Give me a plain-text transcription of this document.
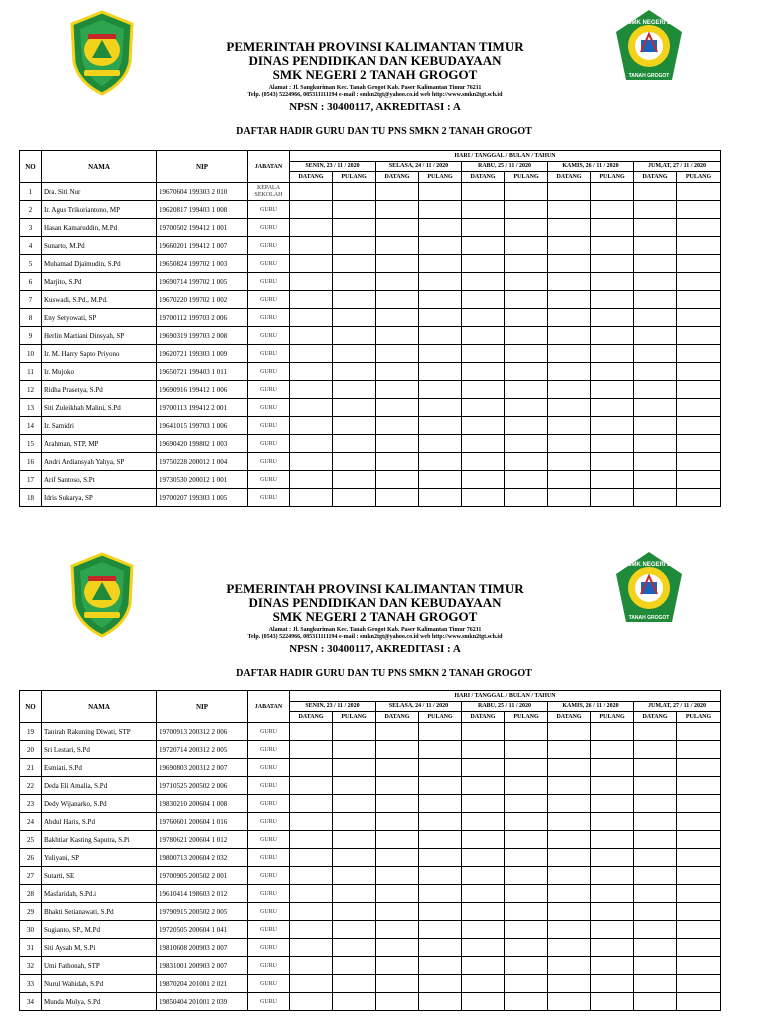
PEMERINTAH PROVINSI KALIMANTAN TIMUR
DINAS PENDIDIKAN DAN KEBUDAYAAN
SMK NEGERI 2 TANAH GROGOT
Alamat : Jl. Sangkuriman Kec. Tanah Grogot Kab. Paser Kalimantan Timur 76211
Telp. (0543) 5224966, 085311111194 e-mail : smkn2tgt@yahoo.co.id web http://www.smkn2tgt.sch.id
NPSN : 30400117, AKREDITASI : A
SMK NEGERI 2
TANAH GROGOT
DAFTAR HADIR GURU DAN TU PNS SMKN 2 TANAH GROGOT
NO	NAMA	NIP	JABATAN	HARI / TANGGAL / BULAN / TAHUN									
				SENIN, 23 / 11 / 2020		SELASA, 24 / 11 / 2020		RABU, 25 / 11 / 2020		KAMIS, 26 / 11 / 2020		JUM,AT, 27 / 11 / 2020	
				DATANG	PULANG	DATANG	PULANG	DATANG	PULANG	DATANG	PULANG	DATANG	PULANG
1	Dra. Siti Nur	19670604 199303 2 010	KEPALA SEKOLAH										
2	Ir. Agus Trikoriantono, MP	19620817 199403 1 008	GURU										
3	Hasan Kamaruddin, M.Pd	19700502 199412 1 001	GURU										
4	Sunarto, M.Pd	19660201 199412 1 007	GURU										
5	Muhamad Djaimudin, S.Pd	19650824 199702 1 003	GURU										
6	Marjito, S.Pd	19690714 199702 1 005	GURU										
7	Kuswadi, S.Pd., M.Pd.	19670220 199702 1 002	GURU										
8	Eny Setyowati, SP	19700112 199703 2 006	GURU										
9	Herlin Martiani Dinsyah, SP	19690319 199703 2 008	GURU										
10	Ir. M. Harry Sapto Priyono	19620721 199303 1 009	GURU										
11	Ir. Mujoko	19650721 199403 1 011	GURU										
12	Ridha Prasetya, S.Pd	19690916 199412 1 006	GURU										
13	Siti Zuleikhah Malini, S.Pd	19700113 199412 2 001	GURU										
14	Ir. Samidri	19641015 199703 1 006	GURU										
15	Arahman, STP, MP	19690420 199802 1 003	GURU										
16	Andri Ardiansyah Yahya, SP	19750228 200012 1 004	GURU										
17	Arif Santoso, S.Pt	19730530 200012 1 001	GURU										
18	Idris Sukarya, SP	19700207 199303 1 005	GURU										
PEMERINTAH PROVINSI KALIMANTAN TIMUR
DINAS PENDIDIKAN DAN KEBUDAYAAN
SMK NEGERI 2 TANAH GROGOT
Alamat : Jl. Sangkuriman Kec. Tanah Grogot Kab. Paser Kalimantan Timur 76211
Telp. (0543) 5224966, 085311111194 e-mail : smkn2tgt@yahoo.co.id web http://www.smkn2tgt.sch.id
NPSN : 30400117, AKREDITASI : A
SMK NEGERI 2
TANAH GROGOT
DAFTAR HADIR GURU DAN TU PNS SMKN 2 TANAH GROGOT
NO	NAMA	NIP	JABATAN	HARI / TANGGAL / BULAN / TAHUN									
				SENIN, 23 / 11 / 2020		SELASA, 24 / 11 / 2020		RABU, 25 / 11 / 2020		KAMIS, 26 / 11 / 2020		JUM,AT, 27 / 11 / 2020	
				DATANG	PULANG	DATANG	PULANG	DATANG	PULANG	DATANG	PULANG	DATANG	PULANG
19	Tanirah Rakuning Diwati, STP	19700913 200312 2 006	GURU										
20	Sri Lestari, S.Pd	19720714 200312 2 005	GURU										
21	Esmiati, S.Pd	19690803 200312 2 007	GURU										
22	Deda Eli Amalia, S.Pd	19710525 200502 2 006	GURU										
23	Dedy Wijanarko, S.Pd	19830210 200604 1 008	GURU										
24	Abdul Haris, S.Pd	19760601 200604 1 016	GURU										
25	Bakhtiar Kasting Saputra, S.Pi	19780621 200604 1 012	GURU										
26	Yuliyani, SP	19800713 200604 2 032	GURU										
27	Sutarti, SE	19700905 200502 2 001	GURU										
28	Masfaridah, S.Pd.i	19610414 198603 2 012	GURU										
29	Bhakti Setianawati, S.Pd	19790915 200502 2 005	GURU										
30	Sugianto, SP., M.Pd	19720505 200604 1 041	GURU										
31	Siti Aysah M, S.Pi	19810608 200903 2 007	GURU										
32	Umi Fathonah, STP	19831001 200903 2 007	GURU										
33	Nurul Wahidah, S.Pd	19870204 201001 2 021	GURU										
34	Munda Mulya, S.Pd	19850404 201001 2 039	GURU										
